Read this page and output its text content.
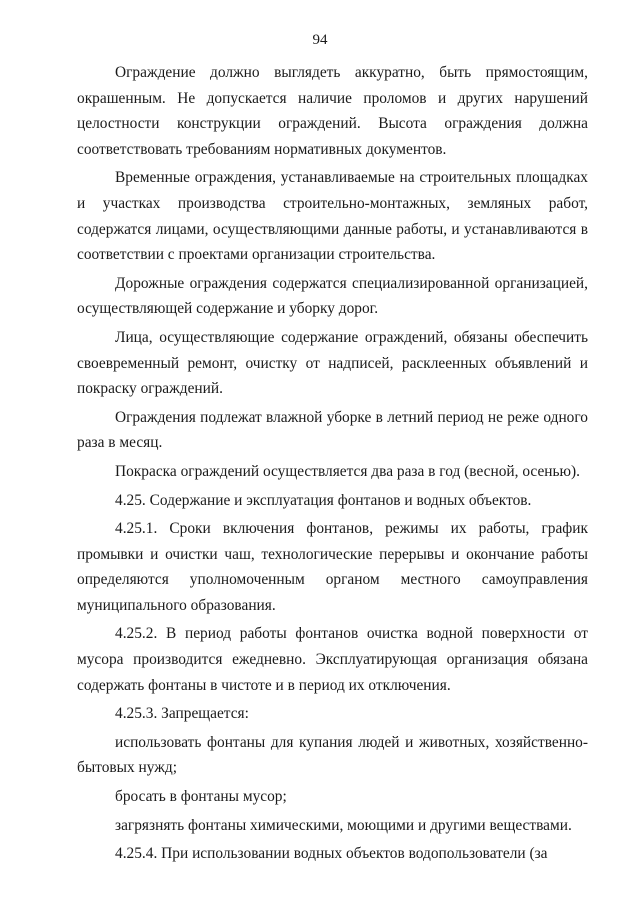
94

Ограждение должно выглядеть аккуратно, быть прямостоящим, окрашенным. Не допускается наличие проломов и других нарушений целостности конструкции ограждений. Высота ограждения должна соответствовать требованиям нормативных документов.

Временные ограждения, устанавливаемые на строительных площадках и участках производства строительно-монтажных, земляных работ, содержатся лицами, осуществляющими данные работы, и устанавливаются в соответствии с проектами организации строительства.

Дорожные ограждения содержатся специализированной организацией, осуществляющей содержание и уборку дорог.

Лица, осуществляющие содержание ограждений, обязаны обеспечить своевременный ремонт, очистку от надписей, расклеенных объявлений и покраску ограждений.

Ограждения подлежат влажной уборке в летний период не реже одного раза в месяц.

Покраска ограждений осуществляется два раза в год (весной, осенью).

4.25. Содержание и эксплуатация фонтанов и водных объектов.

4.25.1. Сроки включения фонтанов, режимы их работы, график промывки и очистки чаш, технологические перерывы и окончание работы определяются уполномоченным органом местного самоуправления муниципального образования.

4.25.2. В период работы фонтанов очистка водной поверхности от мусора производится ежедневно. Эксплуатирующая организация обязана содержать фонтаны в чистоте и в период их отключения.

4.25.3. Запрещается:

использовать фонтаны для купания людей и животных, хозяйственно-бытовых нужд;

бросать в фонтаны мусор;

загрязнять фонтаны химическими, моющими и другими веществами.

4.25.4. При использовании водных объектов водопользователи (за
